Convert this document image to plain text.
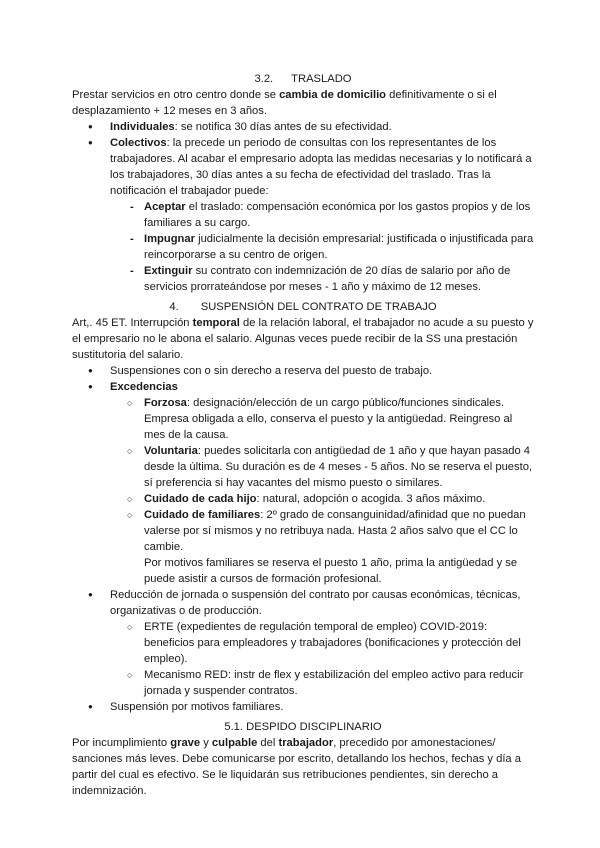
3.2. TRASLADO

Prestar servicios en otro centro donde se cambia de domicilio definitivamente o si el desplazamiento + 12 meses en 3 años.

● Individuales: se notifica 30 días antes de su efectividad.
● Colectivos: la precede un periodo de consultas con los representantes de los trabajadores. Al acabar el empresario adopta las medidas necesarias y lo notificará a los trabajadores, 30 días antes a su fecha de efectividad del traslado. Tras la notificación el trabajador puede:
- Aceptar el traslado: compensación económica por los gastos propios y de los familiares a su cargo.
- Impugnar judicialmente la decisión empresarial: justificada o injustificada para reincorporarse a su centro de origen.
- Extinguir su contrato con indemnización de 20 días de salario por año de servicios prorrateándose por meses - 1 año y máximo de 12 meses.

4. SUSPENSIÓN DEL CONTRATO DE TRABAJO

Art,. 45 ET. Interrupción temporal de la relación laboral, el trabajador no acude a su puesto y el empresario no le abona el salario. Algunas veces puede recibir de la SS una prestación sustitutoria del salario.

● Suspensiones con o sin derecho a reserva del puesto de trabajo.
● Excedencias
○ Forzosa: designación/elección de un cargo público/funciones sindicales. Empresa obligada a ello, conserva el puesto y la antigüedad. Reingreso al mes de la causa.
○ Voluntaria: puedes solicitarla con antigüedad de 1 año y que hayan pasado 4 desde la última. Su duración es de 4 meses - 5 años. No se reserva el puesto, sí preferencia si hay vacantes del mismo puesto o similares.
○ Cuidado de cada hijo: natural, adopción o acogida. 3 años máximo.
○ Cuidado de familiares: 2º grado de consanguinidad/afinidad que no puedan valerse por sí mismos y no retribuya nada. Hasta 2 años salvo que el CC lo cambie.

Por motivos familiares se reserva el puesto 1 año, prima la antigüedad y se puede asistir a cursos de formación profesional.

● Reducción de jornada o suspensión del contrato por causas económicas, técnicas, organizativas o de producción.
○ ERTE (expedientes de regulación temporal de empleo) COVID-2019: beneficios para empleadores y trabajadores (bonificaciones y protección del empleo).
○ Mecanismo RED: instr de flex y estabilización del empleo activo para reducir jornada y suspender contratos.
● Suspensión por motivos familiares.

5.1. DESPIDO DISCIPLINARIO

Por incumplimiento grave y culpable del trabajador, precedido por amonestaciones/ sanciones más leves. Debe comunicarse por escrito, detallando los hechos, fechas y día a partir del cual es efectivo. Se le liquidarán sus retribuciones pendientes, sin derecho a indemnización.
